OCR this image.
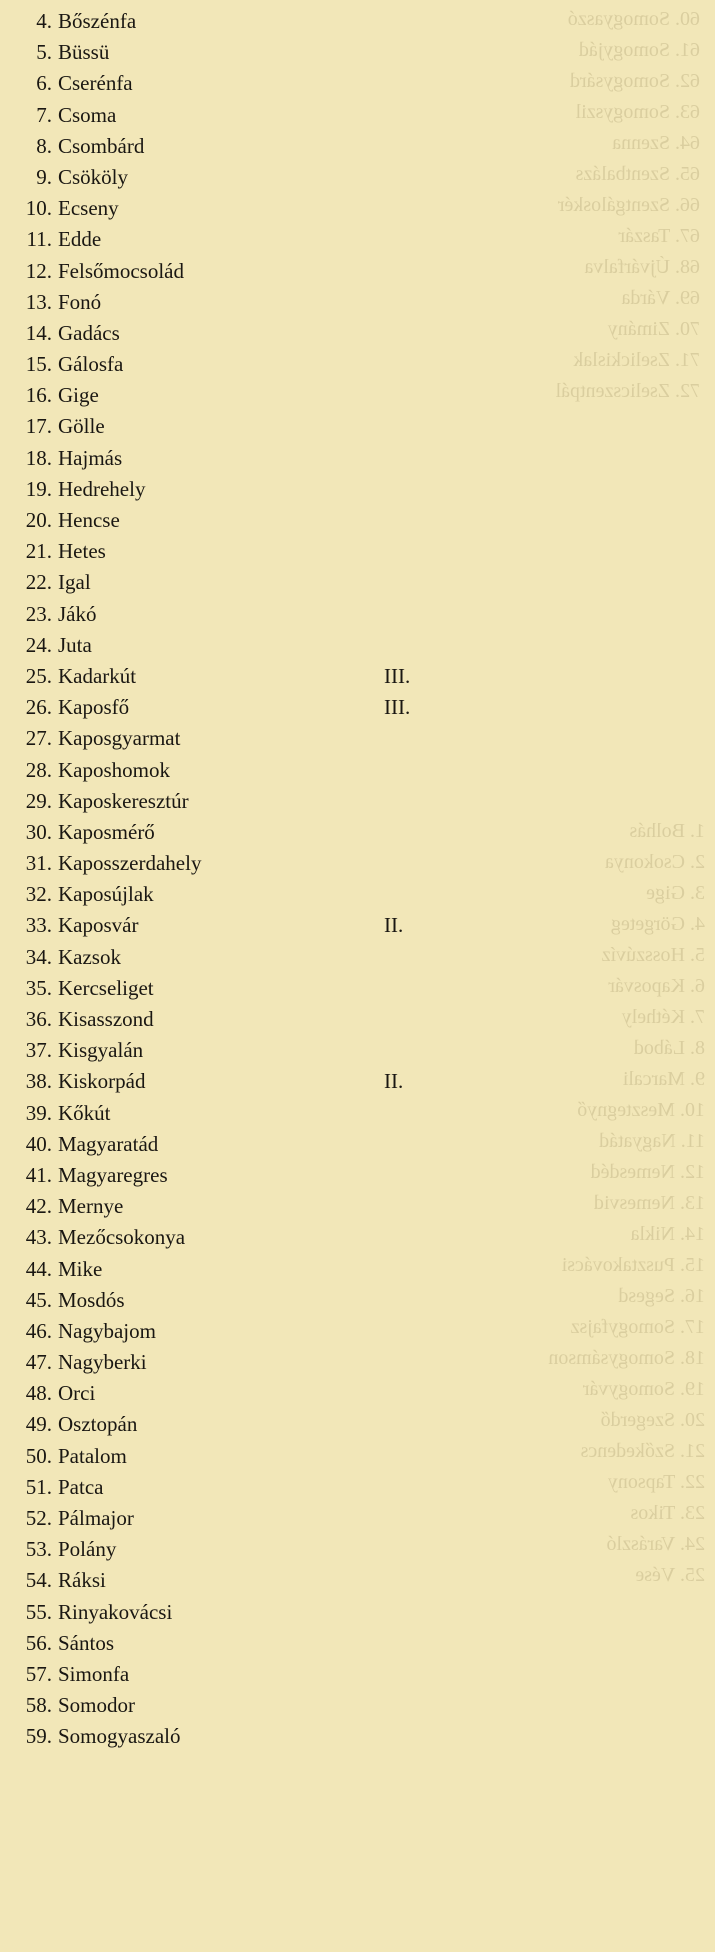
4. Bőszénfa
5. Büssü
6. Cserénfa
7. Csoma
8. Csombárd
9. Csököly
10. Ecseny
11. Edde
12. Felsőmocsolád
13. Fonó
14. Gadács
15. Gálosfa
16. Gige
17. Gölle
18. Hajmás
19. Hedrehely
20. Hencse
21. Hetes
22. Igal
23. Jákó
24. Juta
25. Kadarkút	III.
26. Kaposfő	III.
27. Kaposgyarmat
28. Kaposhomok
29. Kaposkeresztúr
30. Kaposmérő
31. Kaposszerdahely
32. Kaposújlak
33. Kaposvár	II.
34. Kazsok
35. Kercseliget
36. Kisasszond
37. Kisgyalán
38. Kiskorpád	II.
39. Kőkút
40. Magyaratád
41. Magyaregres
42. Mernye
43. Mezőcsokonya
44. Mike
45. Mosdós
46. Nagybajom
47. Nagyberki
48. Orci
49. Osztopán
50. Patalom
51. Patca
52. Pálmajor
53. Polány
54. Ráksi
55. Rinyakovácsi
56. Sántos
57. Simonfa
58. Somodor
59. Somogyaszaló
60. Somogyaszó
61. Somogyjád
62. Somogysárd
63. Somogyszil
64. Szenna
65. Szentbalázs
66. Szentgáloskér
67. Taszár
68. Újvárfalva
69. Várda
70. Zimány
71. Zselickislak
72. Zselicszentpál
1. Bolhás
2. Csokonya
3. Gige
4. Görgeteg
5. Hosszúvíz
6. Kaposvár
7. Kéthely
8. Lábod
9. Marcali
10. Mesztegnyő
11. Nagyatád
12. Nemesdéd
13. Nemesvid
14. Nikla
15. Pusztakovácsi
16. Segesd
17. Somogyfajsz
18. Somogysámson
19. Somogyvár
20. Szegerdő
21. Szőkedencs
22. Tapsony
23. Tikos
24. Varászló
25. Vése
